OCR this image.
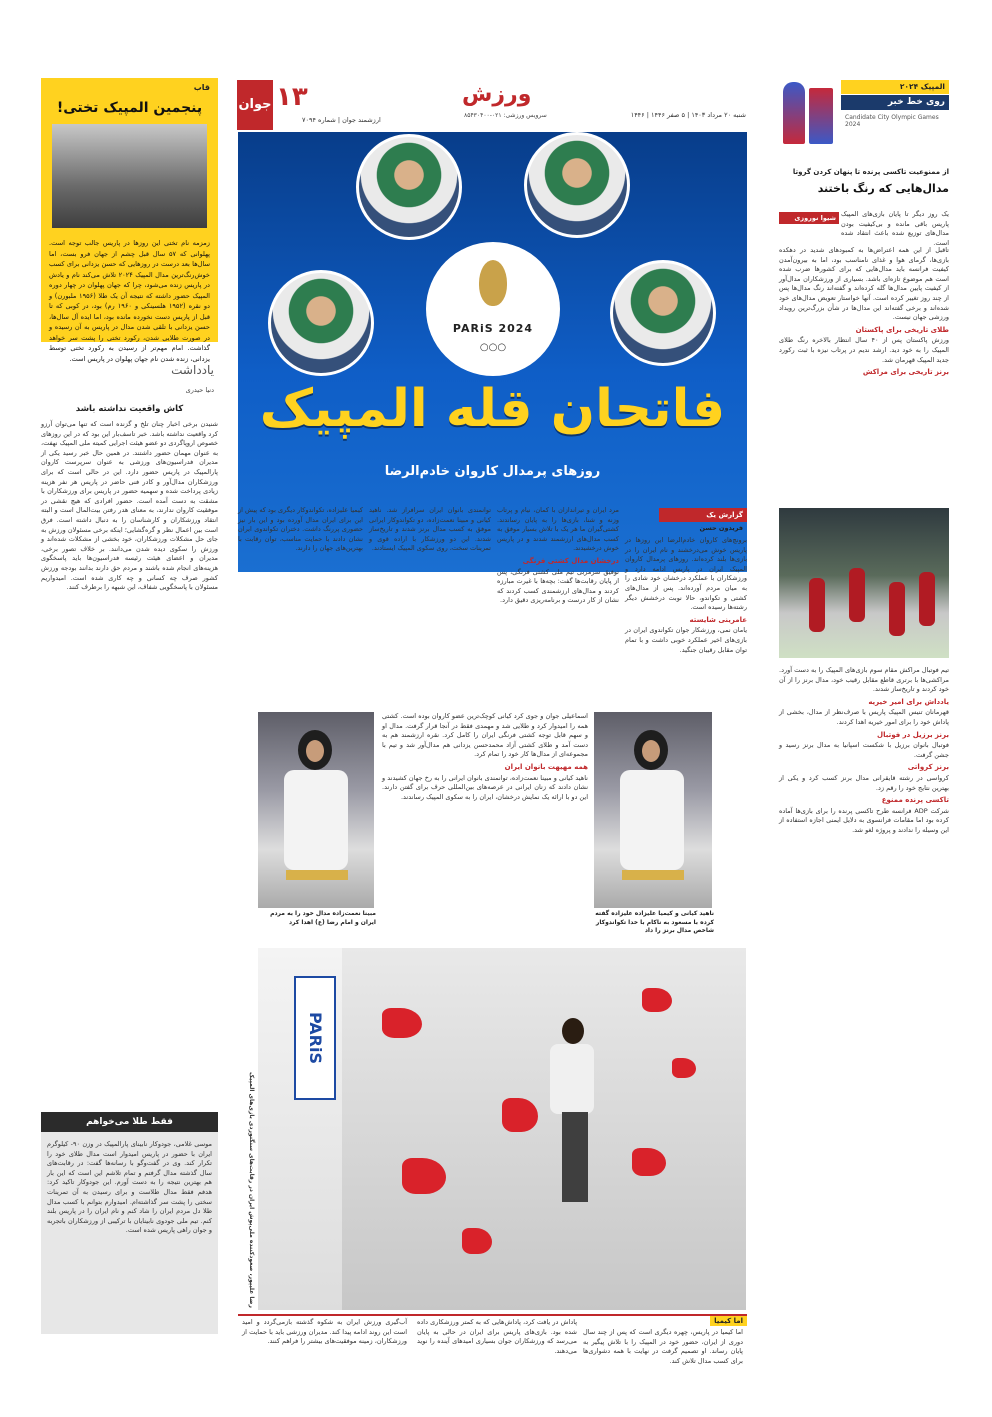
قاب
پنجمین المپیک تختی!

زمزمه نام تختی این روزها در پاریس جالب توجه است. پهلوانی که ۵۷ سال قبل چشم از جهان فرو بست، اما سال‌ها بعد درست در روزهایی که حسن یزدانی برای کسب خوش‌رنگ‌ترین مدال المپیک ۲۰۲۴ تلاش می‌کند نام و یادش در پاریس زنده می‌شود، چرا که جهان پهلوان در چهار دوره المپیک حضور داشته که نتیجه آن یک طلا (۱۹۵۶ ملبورن) و دو نقره (۱۹۵۲ هلسینکی و ۱۹۶۰ رم) بود، در کوبی که تا قبل از پاریس دست نخورده مانده بود، اما ایده آل سال‌ها، حسن یزدانی با تلقی شدن مدال در پاریس به آن رسیده و در صورت طلایی شدن، رکورد تختی را پشت سر خواهد گذاشت. امام مهم‌تر از رسیدن به رکورد تختی توسط یزدانی، زنده شدن نام جهان پهلوان در پاریس است.

یادداشت
دنیا حیدری
کاش واقعیت نداشته باشد

شنیدن برخی اخبار چنان تلخ و گزنده است که تنها می‌توان آرزو کرد واقعیت نداشته باشد. خبر تاسف‌بار این بود که در این روزهای خصوص اروپاگردی دو عضو هیئت اجرایی کمیته ملی المپیک نهفت، به عنوان مهمان حضور داشتند. در همین حال خبر رسید یکی از مدیران فدراسیون‌های ورزشی به عنوان سرپرست کاروان پارالمپیک در پاریس حضور دارد. این در حالی است که برای ورزشکاران مدال‌آور و کادر فنی حاضر در پاریس هر نفر هزینه زیادی پرداخت شده و سهمیه حضور در پاریس برای ورزشکاران با مشقت به دست آمده است. حضور افرادی که هیچ نقشی در موفقیت کاروان ندارند، به معنای هدر رفتن بیت‌المال است و البته انتقاد ورزشکاران و کارشناسان را به دنبال داشته است. فرق است بین اعمال نظر و گره‌گشایی؛ اینکه برخی مسئولان ورزش به جای حل مشکلات ورزشکاران، خود بخشی از مشکلات شده‌اند و ورزش را سکوی دیده شدن می‌دانند. بر خلاف تصور برخی، مدیران و اعضای هیئت رئیسه فدراسیون‌ها باید پاسخگوی هزینه‌های انجام شده باشند و مردم حق دارند بدانند بودجه ورزش کشور صرف چه کسانی و چه کاری شده است. امیدواریم مسئولان با پاسخگویی شفاف، این شبهه را برطرف کنند.

فقط طلا می‌خواهم

موسی غلامی، جودوکار نابینای پارالمپیک در وزن ۹۰- کیلوگرم ایران با حضور در پاریس امیدوار است مدال طلای خود را تکرار کند. وی در گفت‌وگو با رسانه‌ها گفت: در رقابت‌های سال گذشته مدال گرفتم و تمام تلاشم این است که این بار هم بهترین نتیجه را به دست آورم. این جودوکار تاکید کرد: هدفم فقط مدال طلاست و برای رسیدن به آن تمرینات سختی را پشت سر گذاشته‌ام. امیدوارم بتوانم با کسب مدال طلا دل مردم ایران را شاد کنم و نام ایران را در پاریس بلند کنم. تیم ملی جودوی نابینایان با ترکیبی از ورزشکاران باتجربه و جوان راهی پاریس شده است.

جوان ۱۳
ارزشمند جوان | شماره ۷۰۹۴
ورزش
سرویس ورزشی: ۰۲۱-۸۵۴۳۰۴۰۰	شنبه ۲۰ مرداد ۱۴۰۳ | ۵ صفر ۱۴۴۶ | ۱۴۴۶
PARiS 2024
○○○
فاتحان قله المپیک
روزهای پرمدال کاروان خادم‌الرضا
گزارش یک
فریدون حسن
برونچ‌های کاروان خادم‌الرضا این روزها در پاریس خوش می‌درخشند و نام ایران را در بازی‌ها بلند کرده‌اند. روزهای پرمدال کاروان المپیک ایران در پاریس ادامه دارد و ورزشکاران با عملکرد درخشان خود شادی را به میان مردم آورده‌اند. پس از مدال‌های کشتی و تکواندو، حالا نوبت درخشش دیگر رشته‌ها رسیده است.
عامرینی شایسته
یامان نمی، ورزشکار جوان تکواندوی ایران در بازی‌های اخیر عملکرد خوبی داشت و با تمام توان مقابل رقیبان جنگید.
مرد ایران و تیراندازان با کمان، نیام و پرتاب وزنه و شنا، بازی‌ها را به پایان رساندند. کشتی‌گیران ما هر یک با تلاش بسیار موفق به کسب مدال‌های ارزشمند شدند و در پاریس خوش درخشیدند.
درخشان مدال کشتی فرنگی
توفیق سرمربی تیم ملی کشتی فرنگی، پس از پایان رقابت‌ها گفت: بچه‌ها با غیرت مبارزه کردند و مدال‌های ارزشمندی کسب کردند که نشان از کار درست و برنامه‌ریزی دقیق دارد.
توانمندی بانوان ایران سرافراز شد. ناهید کیانی و مبینا نعمت‌زاده، دو تکواندوکار ایرانی موفق به کسب مدال برنز شدند و تاریخ‌ساز شدند. این دو ورزشکار با اراده قوی و تمرینات سخت، روی سکوی المپیک ایستادند.
کیمیا علیزاده، تکواندوکار دیگری بود که پیش از این برای ایران مدال آورده بود و این بار نیز حضوری پررنگ داشت. دختران تکواندوی ایران نشان دادند با حمایت مناسب، توان رقابت با بهترین‌های جهان را دارند.
مبینا نعمت‌زاده مدال خود را به مردم ایران و امام رضا (ع) اهدا کرد
ناهید کیانی و کیمیا علیزاده علیزاده گفته کرده با مسعود به ناکام با خدا تکواندوکار شاخص مدال برنز را داد
اسماعیلی جوان و جوی کرد کیانی کوچک‌ترین عضو کاروان بوده است. کشتی همه را امیدوار کرد و طلایی شد و مهمدی فقط در آنجا قرار گرفت. مدال او و سهم قابل توجه کشتی فرنگی ایران را کامل کرد. نقره ارزشمند هم به دست آمد و طلای کشتی آزاد محمدحسن یزدانی هم مدال‌آور شد و تیم با مجموعه‌ای از مدال‌ها کار خود را تمام کرد.
همه مهیهت بانوان ایران
ناهید کیانی و مبینا نعمت‌زاده، توانمندی بانوان ایرانی را به رخ جهان کشیدند و نشان دادند که زنان ایرانی در عرصه‌های بین‌المللی حرف برای گفتن دارند. این دو با ارائه یک نمایش درخشان، ایران را به سکوی المپیک رساندند.
رضا علیپور، صعودکننده ملی‌پوش ایران در رقابت‌های سنگنوردی بازی‌های المپیک
PARiS
اما کیمیا

اما کیمیا در پاریس، چهره دیگری است که پس از چند سال دوری از ایران، حضور خود در المپیک را با تلاش پیگیر به پایان رساند. او تصمیم گرفت در نهایت با همه دشواری‌ها برای کسب مدال تلاش کند.

پاداش در یافت کرد، پاداش‌هایی که به کمتر ورزشکاری داده شده بود. بازی‌های پاریس برای ایران در حالی به پایان می‌رسد که ورزشکاران جوان بسیاری امیدهای آینده را نوید می‌دهند.

آب‌گیری ورزش ایران به شکوه گذشته بازمی‌گردد و امید است این روند ادامه پیدا کند. مدیران ورزشی باید با حمایت از ورزشکاران، زمینه موفقیت‌های بیشتر را فراهم کنند.

المپیک ۲۰۲۴
روی خط خبر
Candidate City Olympic Games 2024
از ممنوعیت تاکسی پرنده تا پنهان کردن گروتا
مدال‌هایی که رنگ باختند
شیوا نوروزی یک روز دیگر تا پایان بازی‌های المپیک پاریس باقی مانده و بی‌کیفیت بودن مدال‌های توزیع شده باعث انتقاد شده است.

تاقبل از این همه اعتراض‌ها به کمبودهای شدید در دهکده بازی‌ها، گرمای هوا و غذای نامناسب بود، اما به بیرون‌آمدن کیفیت فرانسه باید مدال‌هایی که برای کشورها ضرب شده است هم موضوع تازه‌ای باشد. بسیاری از ورزشکاران مدال‌آور از کیفیت پایین مدال‌ها گله کرده‌اند و گفته‌اند رنگ مدال‌ها پس از چند روز تغییر کرده است. آنها خواستار تعویض مدال‌های خود شده‌اند و برخی گفته‌اند این مدال‌ها در شأن بزرگ‌ترین رویداد ورزشی جهان نیست.
طلای تاریخی برای پاکستان
ورزش پاکستان پس از ۴۰ سال انتظار بالاخره رنگ طلای المپیک را به خود دید. ارشد ندیم در پرتاب نیزه با ثبت رکورد جدید المپیک قهرمان شد.
برنز تاریخی برای مراکش
تیم فوتبال مراکش مقام سوم بازی‌های المپیک را به دست آورد. مراکشی‌ها با برتری قاطع مقابل رقیب خود، مدال برنز را از آن خود کردند و تاریخ‌ساز شدند.
یادداش برای امیر خیریه
قهرمانان تنیس المپیک پاریس با صرف‌نظر از مدال، بخشی از پاداش خود را برای امور خیریه اهدا کردند.
برنز برزیل در فوتبال
فوتبال بانوان برزیل با شکست اسپانیا به مدال برنز رسید و جشن گرفت.
برنز کرواتی
کرواسی در رشته قایقرانی مدال برنز کسب کرد و یکی از بهترین نتایج خود را رقم زد.
تاکسی پرنده ممنوع
شرکت ADP فرانسه طرح تاکسی پرنده را برای بازی‌ها آماده کرده بود اما مقامات فرانسوی به دلایل ایمنی اجازه استفاده از این وسیله را ندادند و پروژه لغو شد.
